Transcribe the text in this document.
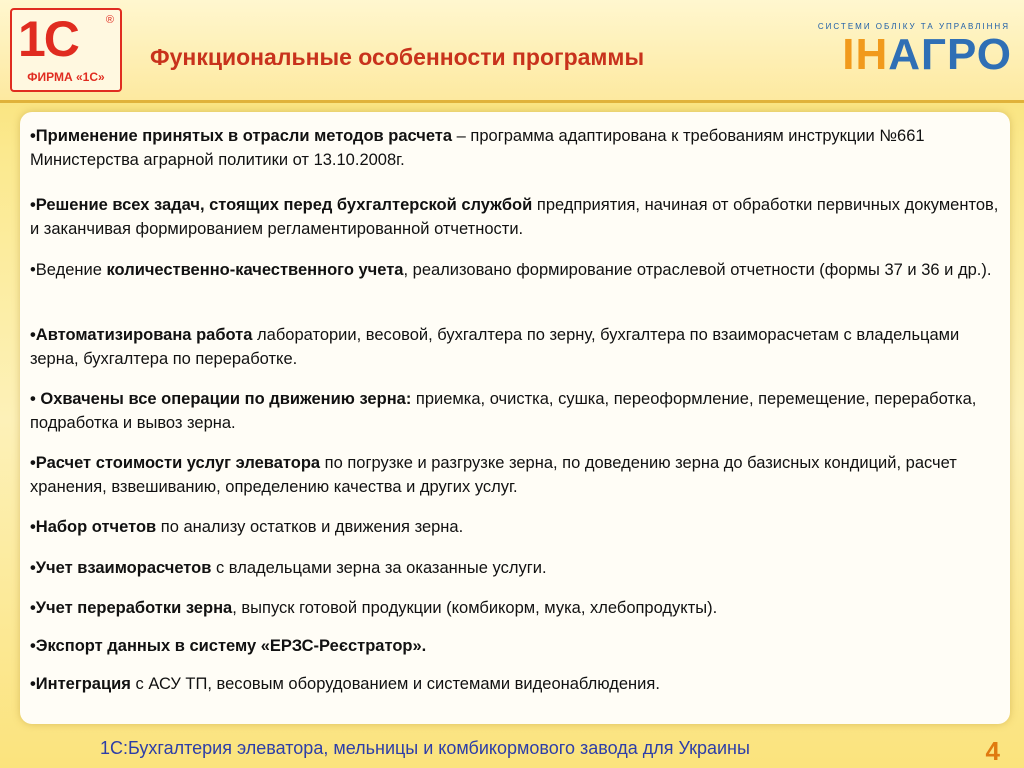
1С	®
ФИРМА «1С»
Функциональные особенности программы
СИСТЕМИ ОБЛІКУ ТА УПРАВЛІННЯ
ІНАГРО
•Применение принятых в отрасли методов расчета – программа адаптирована к требованиям инструкции №661 Министерства аграрной политики от 13.10.2008г.
•Решение всех задач, стоящих перед бухгалтерской службой предприятия, начиная от обработки первичных документов, и заканчивая формированием регламентированной отчетности.
•Ведение количественно-качественного учета, реализовано формирование отраслевой отчетности (формы 37 и 36 и др.).
•Автоматизирована работа лаборатории, весовой, бухгалтера по зерну, бухгалтера по взаиморасчетам с владельцами зерна, бухгалтера по переработке.
• Охвачены все операции по движению зерна: приемка, очистка, сушка, переоформление, перемещение, переработка, подработка и вывоз зерна.
•Расчет стоимости услуг элеватора по погрузке и разгрузке зерна, по доведению зерна до базисных кондиций, расчет хранения, взвешиванию, определению качества и других услуг.
•Набор отчетов по анализу остатков и движения зерна.
•Учет взаиморасчетов с владельцами зерна за оказанные услуги.
•Учет переработки зерна, выпуск готовой продукции (комбикорм, мука, хлебопродукты).
•Экспорт данных в систему «ЕРЗС-Реєстратор».
•Интеграция с АСУ ТП, весовым оборудованием и системами видеонаблюдения.
1С:Бухгалтерия элеватора, мельницы и комбикормового завода для Украины	4
